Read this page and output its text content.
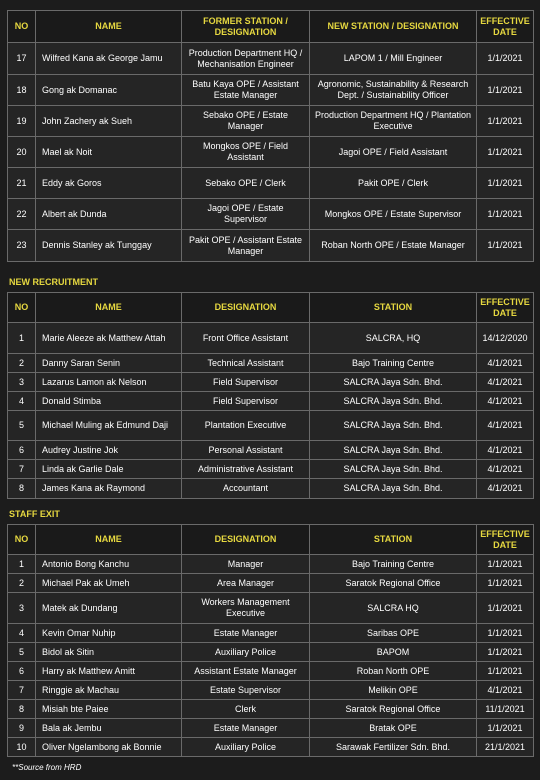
NO	NAME	FORMER STATION / DESIGNATION	NEW STATION / DESIGNATION	EFFECTIVE DATE
17	Wilfred Kana ak George Jamu	Production Department HQ / Mechanisation Engineer	LAPOM 1 / Mill Engineer	1/1/2021
18	Gong ak Domanac	Batu Kaya OPE / Assistant Estate Manager	Agronomic, Sustainability & Research Dept. / Sustainability Officer	1/1/2021
19	John Zachery ak Sueh	Sebako OPE / Estate Manager	Production Department HQ / Plantation Executive	1/1/2021
20	Mael ak Noit	Mongkos OPE / Field Assistant	Jagoi OPE / Field Assistant	1/1/2021
21	Eddy ak Goros	Sebako OPE / Clerk	Pakit OPE / Clerk	1/1/2021
22	Albert ak Dunda	Jagoi OPE / Estate Supervisor	Mongkos OPE / Estate Supervisor	1/1/2021
23	Dennis Stanley ak Tunggay	Pakit OPE / Assistant Estate Manager	Roban North OPE / Estate Manager	1/1/2021
NEW RECRUITMENT
NO	NAME	DESIGNATION	STATION	EFFECTIVE DATE
1	Marie Aleeze ak Matthew Attah	Front Office Assistant	SALCRA, HQ	14/12/2020
2	Danny Saran Senin	Technical Assistant	Bajo Training Centre	4/1/2021
3	Lazarus Lamon ak Nelson	Field Supervisor	SALCRA Jaya Sdn. Bhd.	4/1/2021
4	Donald Stimba	Field Supervisor	SALCRA Jaya Sdn. Bhd.	4/1/2021
5	Michael Muling ak Edmund Daji	Plantation Executive	SALCRA Jaya Sdn. Bhd.	4/1/2021
6	Audrey Justine Jok	Personal Assistant	SALCRA Jaya Sdn. Bhd.	4/1/2021
7	Linda ak Garlie Dale	Administrative Assistant	SALCRA Jaya Sdn. Bhd.	4/1/2021
8	James Kana ak Raymond	Accountant	SALCRA Jaya Sdn. Bhd.	4/1/2021
STAFF EXIT
NO	NAME	DESIGNATION	STATION	EFFECTIVE DATE
1	Antonio Bong Kanchu	Manager	Bajo Training Centre	1/1/2021
2	Michael Pak ak Umeh	Area Manager	Saratok Regional Office	1/1/2021
3	Matek ak Dundang	Workers Management Executive	SALCRA HQ	1/1/2021
4	Kevin Omar Nuhip	Estate Manager	Saribas OPE	1/1/2021
5	Bidol ak Sitin	Auxiliary Police	BAPOM	1/1/2021
6	Harry ak Matthew Amitt	Assistant Estate Manager	Roban North OPE	1/1/2021
7	Ringgie ak Machau	Estate Supervisor	Melikin OPE	4/1/2021
8	Misiah bte Paiee	Clerk	Saratok Regional Office	11/1/2021
9	Bala ak Jembu	Estate Manager	Bratak OPE	1/1/2021
10	Oliver Ngelambong ak Bonnie	Auxiliary Police	Sarawak Fertilizer Sdn. Bhd.	21/1/2021
**Source from HRD
